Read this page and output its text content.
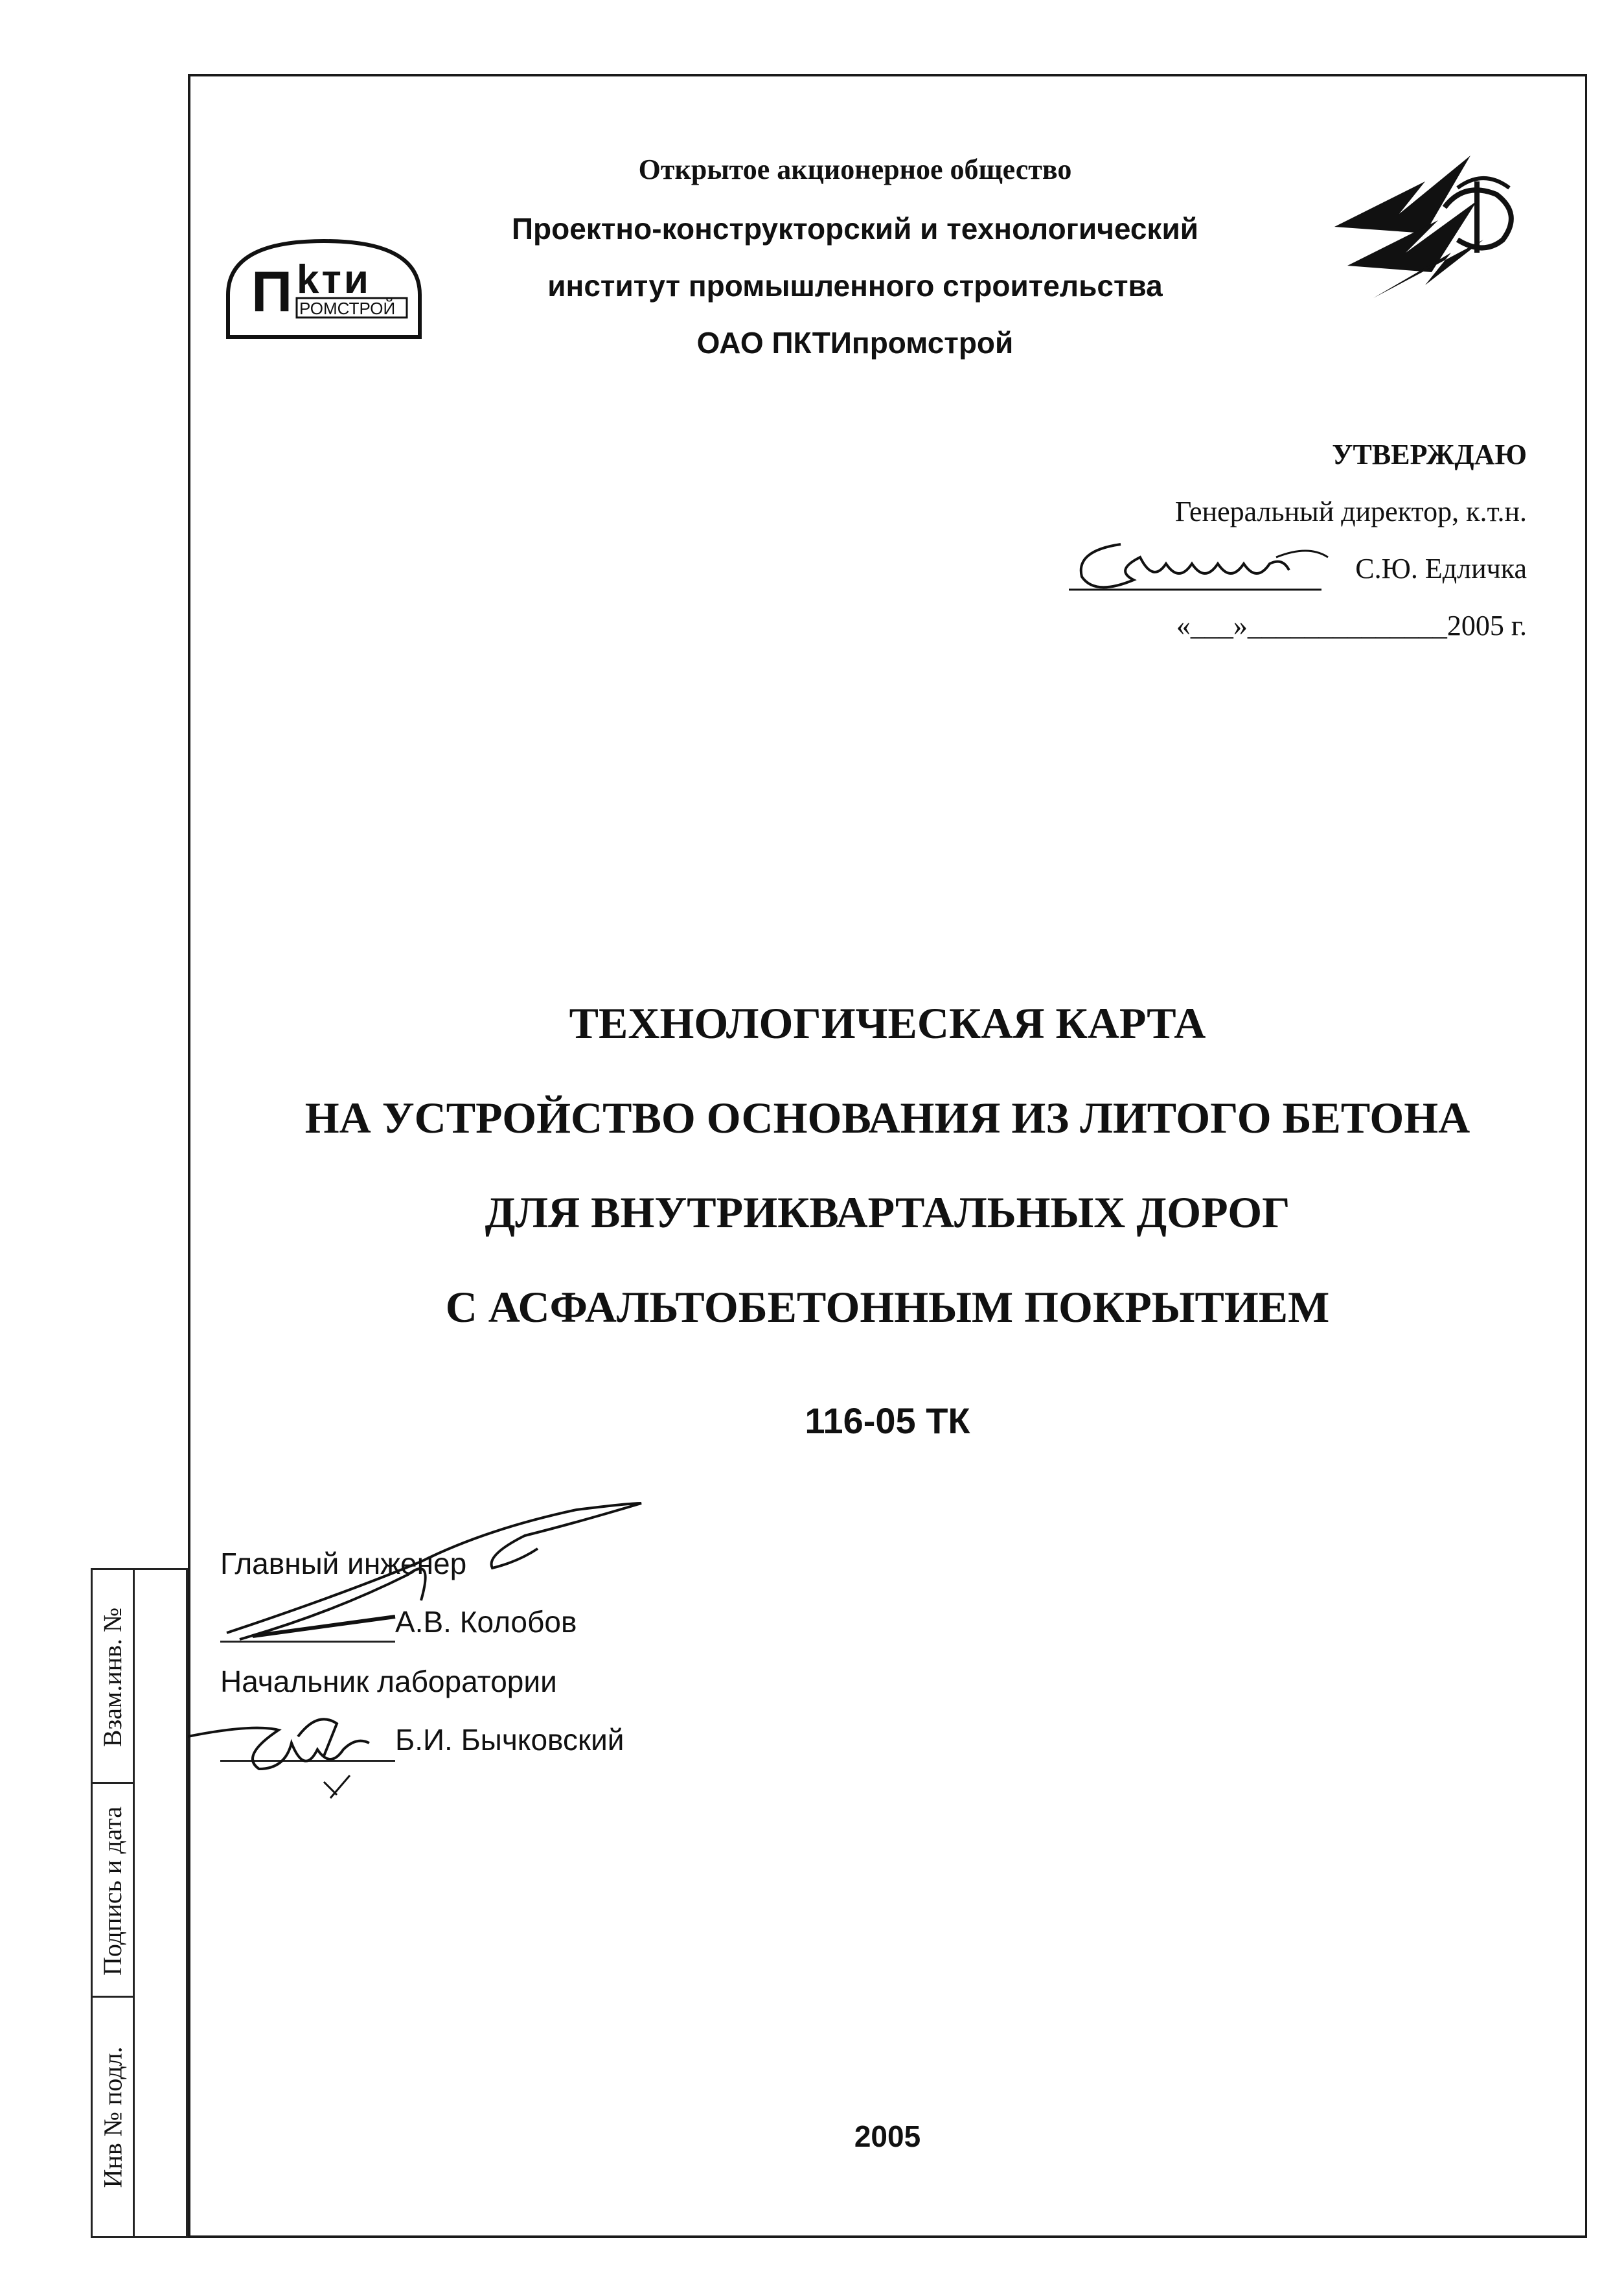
П kти
РОМСТРОЙ
Открытое акционерное общество
Проектно-конструкторский и технологический
институт промышленного строительства
ОАО ПКТИпромстрой
УТВЕРЖДАЮ
Генеральный директор, к.т.н.
С.Ю. Едличка
«___»______________2005 г.
ТЕХНОЛОГИЧЕСКАЯ КАРТА
НА УСТРОЙСТВО ОСНОВАНИЯ ИЗ ЛИТОГО БЕТОНА
ДЛЯ ВНУТРИКВАРТАЛЬНЫХ ДОРОГ
С АСФАЛЬТОБЕТОННЫМ ПОКРЫТИЕМ
116-05 ТК
Главный инженер
А.В. Колобов
Начальник лаборатории
Б.И. Бычковский
2005
Взам.инв. №
Подпись и дата
Инв № подл.
